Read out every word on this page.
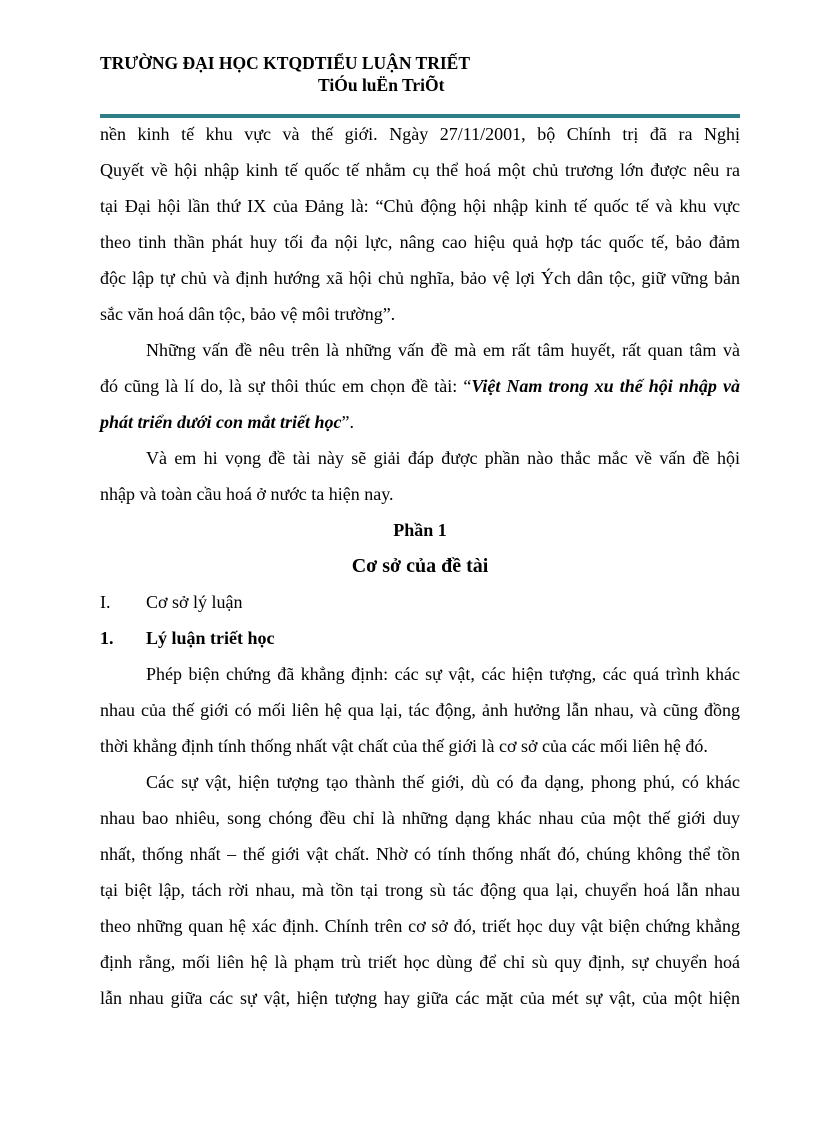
TRƯỜNG ĐẠI HỌC KTQDTIỂU LUẬN TRIẾT
TiÓu luËn TriÕt
nền kinh tế khu vực và thế giới. Ngày 27/11/2001, bộ Chính trị đã ra Nghị
Quyết về hội nhập kinh tế quốc tế nhằm cụ thể hoá một chủ trương lớn được nêu ra
tại Đại hội lần thứ IX của Đảng là: “Chủ động hội nhập kinh tế quốc tế và khu vực
theo tinh thần phát huy tối đa nội lực, nâng cao hiệu quả hợp tác quốc tế, bảo đảm
độc lập tự chủ và định hướng xã hội chủ nghĩa, bảo vệ lợi Ých dân tộc, giữ vững bản
sắc văn hoá dân tộc, bảo vệ môi trường”.
Những vấn đề nêu trên là những vấn đề mà em rất tâm huyết, rất quan tâm và
đó cũng là lí do, là sự thôi thúc em chọn đề tài: “Việt Nam trong xu thế hội nhập và
phát triển dưới con mắt triết học”.
Và em hi vọng đề tài này sẽ giải đáp được phần nào thắc mắc về vấn đề hội
nhập và toàn cầu hoá ở nước ta hiện nay.
Phần 1
Cơ sở của đề tài
I.	Cơ sở lý luận
1.	Lý luận triết học
Phép biện chứng đã khẳng định: các sự vật, các hiện tượng, các quá trình khác
nhau của thế giới có mối liên hệ qua lại, tác động, ảnh hưởng lẫn nhau, và cũng đồng
thời khẳng định tính thống nhất vật chất của thế giới là cơ sở của các mối liên hệ đó.
Các sự vật, hiện tượng tạo thành thế giới, dù có đa dạng, phong phú, có khác
nhau bao nhiêu, song chóng đều chỉ là những dạng khác nhau của một thế giới duy
nhất, thống nhất – thế giới vật chất. Nhờ có tính thống nhất đó, chúng không thể tồn
tại biệt lập, tách rời nhau, mà tồn tại trong sù tác động qua lại, chuyển hoá lẫn nhau
theo những quan hệ xác định. Chính trên cơ sở đó, triết học duy vật biện chứng khẳng
định rằng, mối liên hệ là phạm trù triết học dùng để chỉ sù quy định, sự chuyển hoá
lẫn nhau giữa các sự vật, hiện tượng hay giữa các mặt của mét sự vật, của một hiện
